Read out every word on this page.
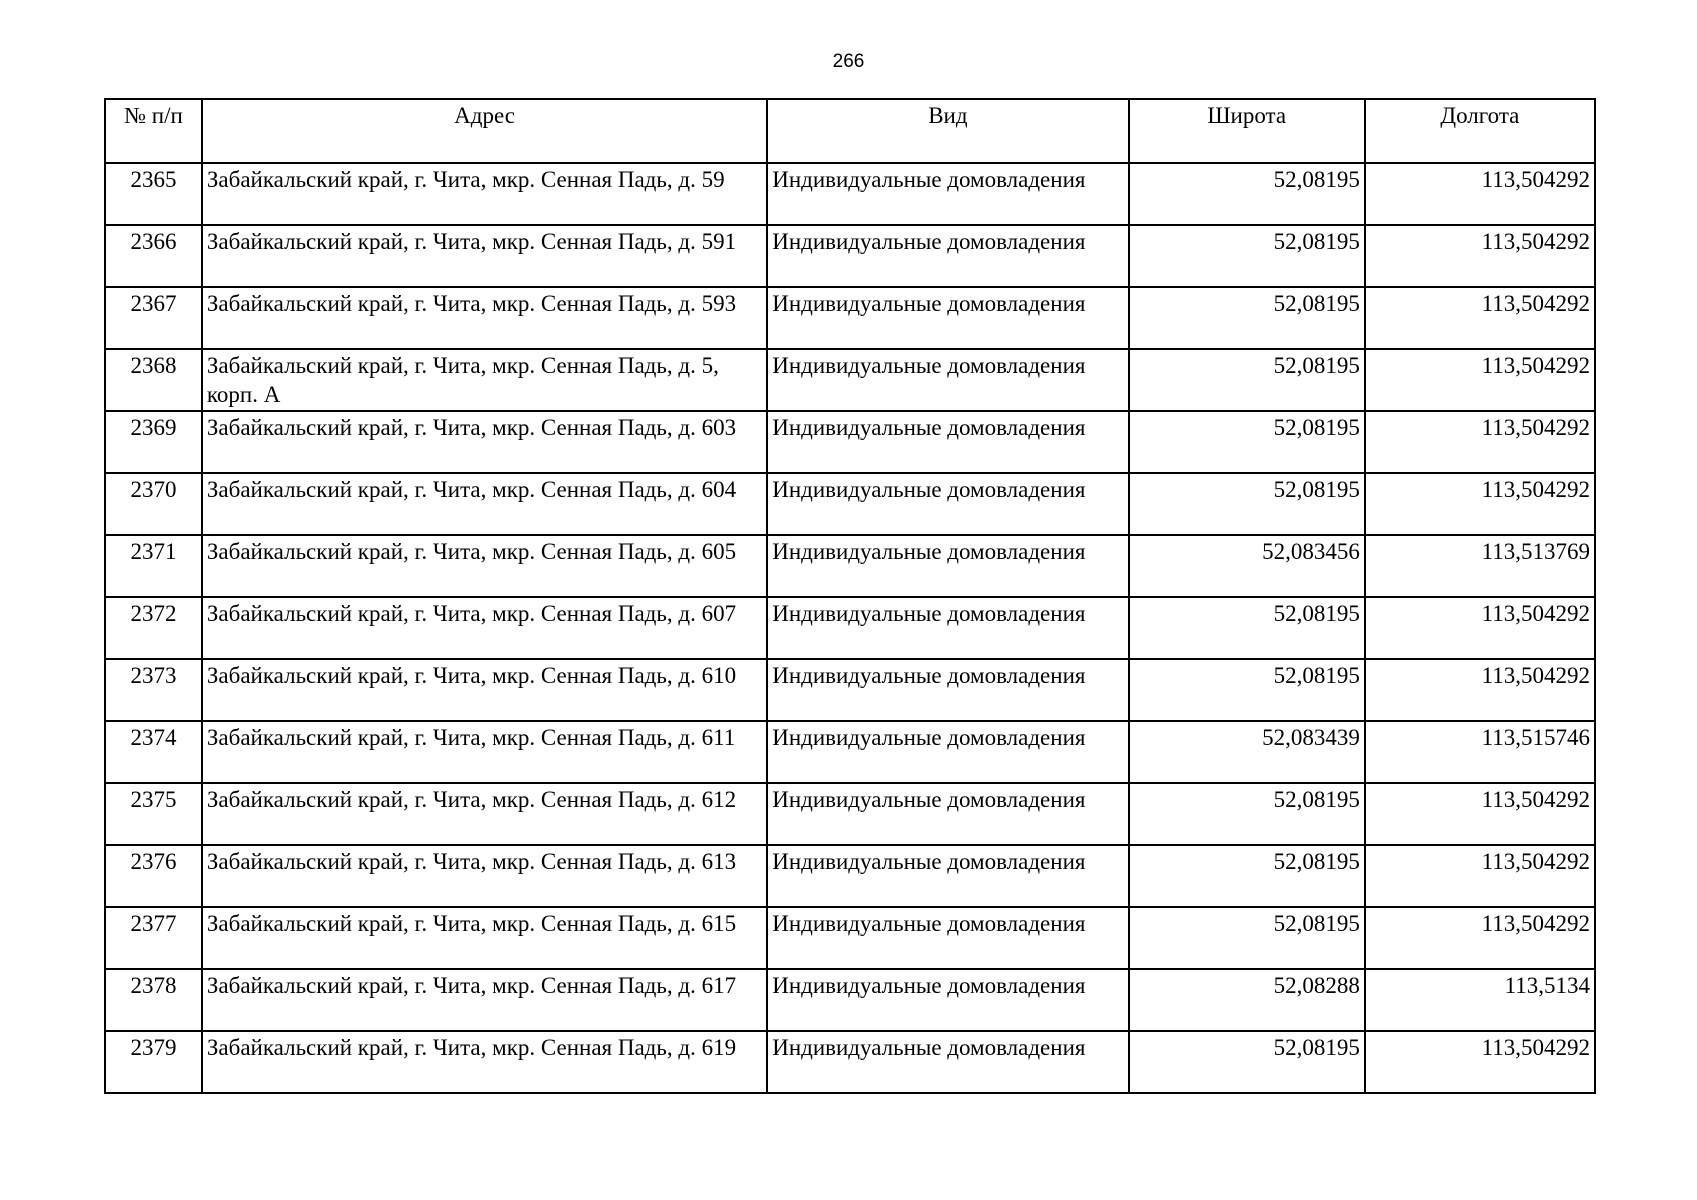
266
№ п/п	Адрес	Вид	Широта	Долгота
2365	Забайкальский край, г. Чита, мкр. Сенная Падь, д. 59	Индивидуальные домовладения	52,08195	113,504292
2366	Забайкальский край, г. Чита, мкр. Сенная Падь, д. 591	Индивидуальные домовладения	52,08195	113,504292
2367	Забайкальский край, г. Чита, мкр. Сенная Падь, д. 593	Индивидуальные домовладения	52,08195	113,504292
2368	Забайкальский край, г. Чита, мкр. Сенная Падь, д. 5, корп. А	Индивидуальные домовладения	52,08195	113,504292
2369	Забайкальский край, г. Чита, мкр. Сенная Падь, д. 603	Индивидуальные домовладения	52,08195	113,504292
2370	Забайкальский край, г. Чита, мкр. Сенная Падь, д. 604	Индивидуальные домовладения	52,08195	113,504292
2371	Забайкальский край, г. Чита, мкр. Сенная Падь, д. 605	Индивидуальные домовладения	52,083456	113,513769
2372	Забайкальский край, г. Чита, мкр. Сенная Падь, д. 607	Индивидуальные домовладения	52,08195	113,504292
2373	Забайкальский край, г. Чита, мкр. Сенная Падь, д. 610	Индивидуальные домовладения	52,08195	113,504292
2374	Забайкальский край, г. Чита, мкр. Сенная Падь, д. 611	Индивидуальные домовладения	52,083439	113,515746
2375	Забайкальский край, г. Чита, мкр. Сенная Падь, д. 612	Индивидуальные домовладения	52,08195	113,504292
2376	Забайкальский край, г. Чита, мкр. Сенная Падь, д. 613	Индивидуальные домовладения	52,08195	113,504292
2377	Забайкальский край, г. Чита, мкр. Сенная Падь, д. 615	Индивидуальные домовладения	52,08195	113,504292
2378	Забайкальский край, г. Чита, мкр. Сенная Падь, д. 617	Индивидуальные домовладения	52,08288	113,5134
2379	Забайкальский край, г. Чита, мкр. Сенная Падь, д. 619	Индивидуальные домовладения	52,08195	113,504292
